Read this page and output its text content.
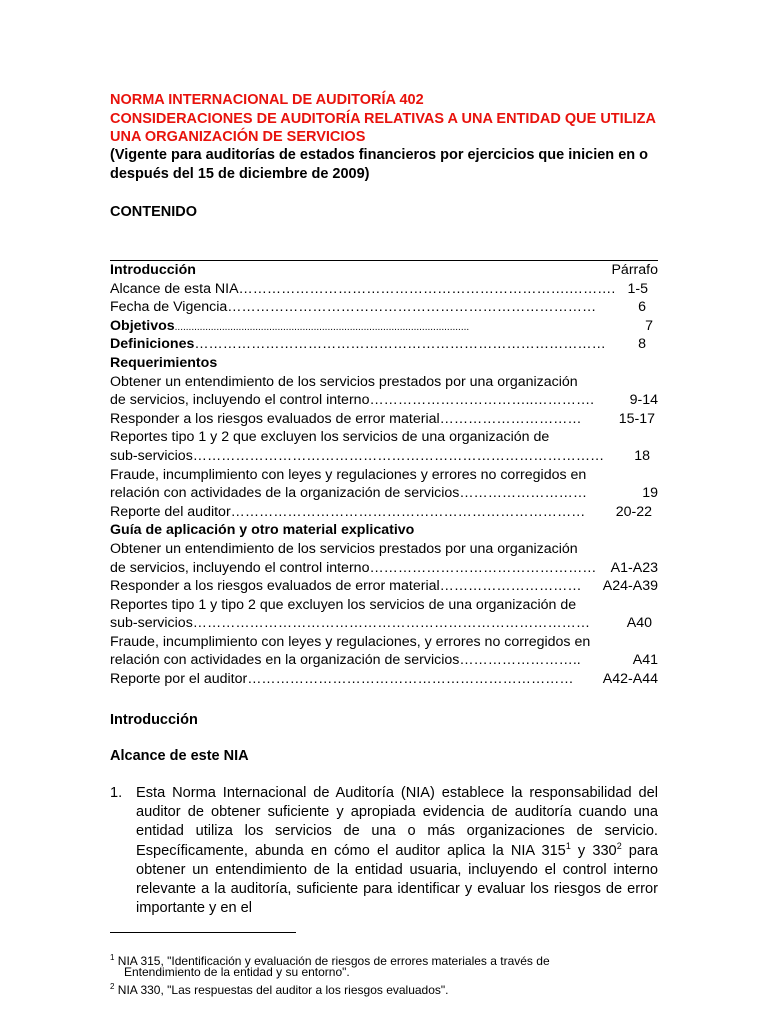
NORMA INTERNACIONAL DE AUDITORÍA 402
CONSIDERACIONES DE AUDITORÍA RELATIVAS A UNA ENTIDAD QUE UTILIZA
UNA ORGANIZACIÓN DE SERVICIOS
(Vigente para auditorías de estados financieros por ejercicios que inicien en o
después del 15 de diciembre de 2009)
CONTENIDO
Introducción	Párrafo
Alcance de esta NIA…………………………………………………………….………. 1-5
Fecha de Vigencia……………………………………………………………………	6
Objetivos..........................................................................................................	7
Definiciones…………………………………………………………………………… 8
Requerimientos
Obtener un entendimiento de los servicios prestados por una organización
de servicios, incluyendo el control interno……………………………..………….	9-14
Responder a los riesgos evaluados de error material…………………………	15-17
Reportes tipo 1 y 2 que excluyen los servicios de una organización de
sub-servicios…………………………………………………………………………… 18
Fraude, incumplimiento con leyes y regulaciones y errores no corregidos en
relación con actividades de la organización de servicios………………………	19
Reporte del auditor………………………………………………………………… 20-22
Guía de aplicación y otro material explicativo
Obtener un entendimiento de los servicios prestados por una organización
de servicios, incluyendo el control interno………………………………………… A1-A23
Responder a los riesgos evaluados de error material………………………… A24-A39
Reportes tipo 1 y tipo 2 que excluyen los servicios de una organización de
sub-servicios…………………………………………………………………………	A40
Fraude, incumplimiento con leyes y regulaciones, y errores no corregidos en
relación con actividades en la organización de servicios……………………..	A41
Reporte por el auditor…………………………………………………………… A42-A44
Introducción
Alcance de este NIA
1. Esta Norma Internacional de Auditoría (NIA) establece la responsabilidad del auditor de obtener suficiente y apropiada evidencia de auditoría cuando una entidad utiliza los servicios de una o más organizaciones de servicio. Específicamente, abunda en cómo el auditor aplica la NIA $315^1$ y $330^2$ para obtener un entendimiento de la entidad usuaria, incluyendo el control interno relevante a la auditoría, suficiente para identificar y evaluar los riesgos de error importante y en el
$^1$ NIA 315, "Identificación y evaluación de riesgos de errores materiales a través de
Entendimiento de la entidad y su entorno".
$^2$ NIA 330, "Las respuestas del auditor a los riesgos evaluados".
